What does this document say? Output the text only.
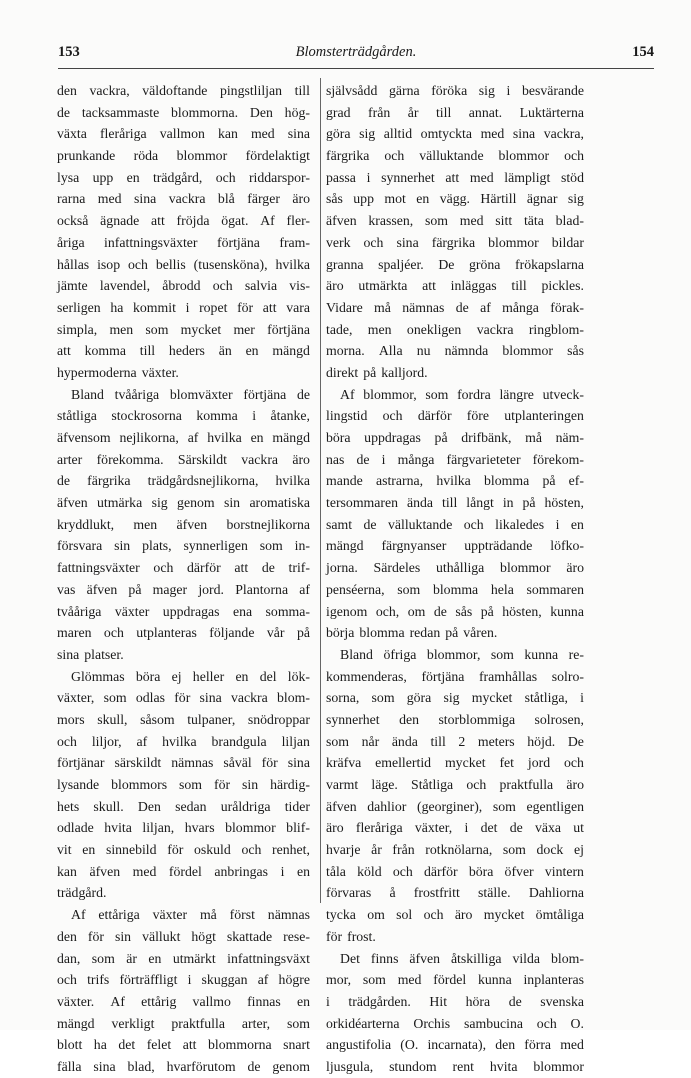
153	Blomsterträdgården.	154
den vackra, väldoftande pingstliljan till
de tacksammaste blommorna. Den hög-
växta fleråriga vallmon kan med sina
prunkande röda blommor fördelaktigt
lysa upp en trädgård, och riddarspor-
rarna med sina vackra blå färger äro
också ägnade att fröjda ögat. Af fler-
åriga infattningsväxter förtjäna fram-
hållas isop och bellis (tusensköna), hvilka
jämte lavendel, åbrodd och salvia vis-
serligen ha kommit i ropet för att vara
simpla, men som mycket mer förtjäna
att komma till heders än en mängd
hypermoderna växter.
Bland tvååriga blomväxter förtjäna de
ståtliga stockrosorna komma i åtanke,
äfvensom nejlikorna, af hvilka en mängd
arter förekomma. Särskildt vackra äro
de färgrika trädgårdsnejlikorna, hvilka
äfven utmärka sig genom sin aromatiska
kryddlukt, men äfven borstnejlikorna
försvara sin plats, synnerligen som in-
fattningsväxter och därför att de trif-
vas äfven på mager jord. Plantorna af
tvååriga växter uppdragas ena somma-
maren och utplanteras följande vår på
sina platser.
Glömmas böra ej heller en del lök-
växter, som odlas för sina vackra blom-
mors skull, såsom tulpaner, snödroppar
och liljor, af hvilka brandgula liljan
förtjänar särskildt nämnas såväl för sina
lysande blommors som för sin härdig-
hets skull. Den sedan uråldriga tider
odlade hvita liljan, hvars blommor blif-
vit en sinnebild för oskuld och renhet,
kan äfven med fördel anbringas i en
trädgård.
Af ettåriga växter må först nämnas
den för sin vällukt högt skattade rese-
dan, som är en utmärkt infattningsväxt
och trifs förträffligt i skuggan af högre
växter. Af ettårig vallmo finnas en
mängd verkligt praktfulla arter, som
blott ha det felet att blommorna snart
fälla sina blad, hvarförutom de genom
självsådd gärna föröka sig i besvärande
grad från år till annat. Luktärterna
göra sig alltid omtyckta med sina vackra,
färgrika och välluktande blommor och
passa i synnerhet att med lämpligt stöd
sås upp mot en vägg. Härtill ägnar sig
äfven krassen, som med sitt täta blad-
verk och sina färgrika blommor bildar
granna spaljéer. De gröna frökapslarna
äro utmärkta att inläggas till pickles.
Vidare må nämnas de af många förak-
tade, men onekligen vackra ringblom-
morna. Alla nu nämnda blommor sås
direkt på kalljord.
Af blommor, som fordra längre utveck-
lingstid och därför före utplanteringen
böra uppdragas på drifbänk, må näm-
nas de i många färgvarieteter förekom-
mande astrarna, hvilka blomma på ef-
tersommaren ända till långt in på hösten,
samt de välluktande och likaledes i en
mängd färgnyanser uppträdande löfko-
jorna. Särdeles uthålliga blommor äro
penséerna, som blomma hela sommaren
igenom och, om de sås på hösten, kunna
börja blomma redan på våren.
Bland öfriga blommor, som kunna re-
kommenderas, förtjäna framhållas solro-
sorna, som göra sig mycket ståtliga, i
synnerhet den storblommiga solrosen,
som når ända till 2 meters höjd. De
kräfva emellertid mycket fet jord och
varmt läge. Ståtliga och praktfulla äro
äfven dahlior (georginer), som egentligen
äro fleråriga växter, i det de växa ut
hvarje år från rotknölarna, som dock ej
tåla köld och därför böra öfver vintern
förvaras å frostfritt ställe. Dahliorna
tycka om sol och äro mycket ömtåliga
för frost.
Det finns äfven åtskilliga vilda blom-
mor, som med fördel kunna inplanteras
i trädgården. Hit höra de svenska
orkidéarterna Orchis sambucina och O.
angustifolia (O. incarnata), den förra med
ljusgula, stundom rent hvita blommor
